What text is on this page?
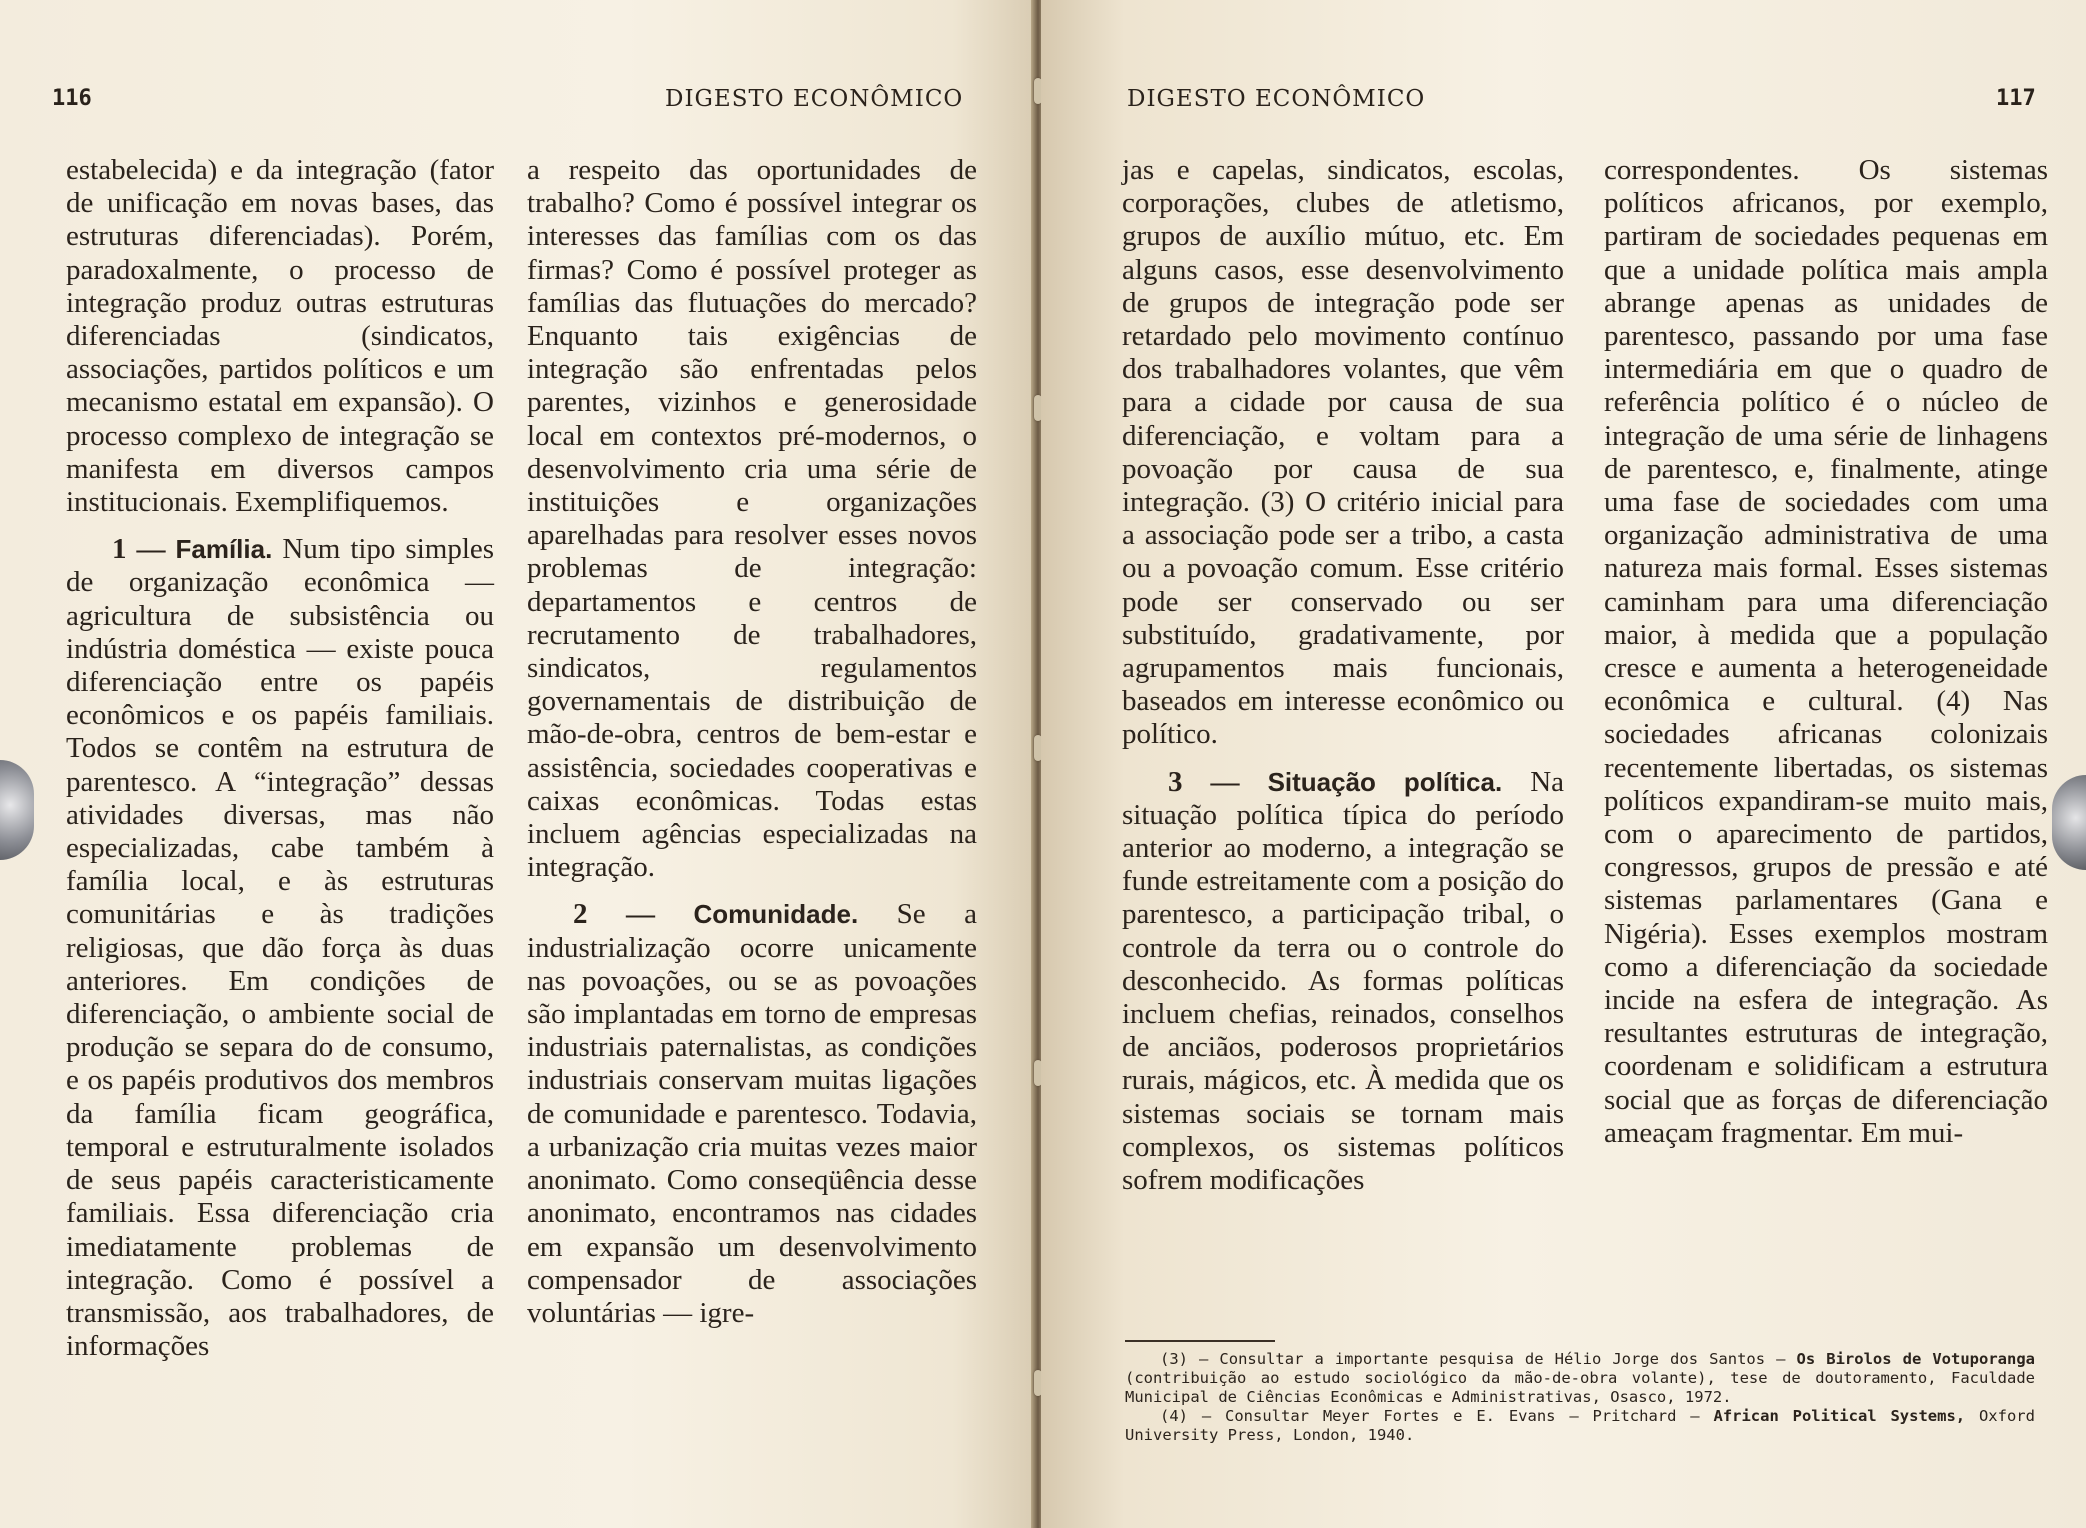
116	DIGESTO ECONÔMICO

estabelecida) e da integração (fator de unificação em novas bases, das estruturas diferenciadas). Porém, paradoxalmente, o processo de integração produz outras estruturas diferenciadas (sindicatos, associações, partidos políticos e um mecanismo estatal em expansão). O processo complexo de integração se manifesta em diversos campos institucionais. Exemplifiquemos.

1 — Família. Num tipo simples de organização econômica — agricultura de subsistência ou indústria doméstica — existe pouca diferenciação entre os papéis econômicos e os papéis familiais. Todos se contêm na estrutura de parentesco. A “integração” dessas atividades diversas, mas não especializadas, cabe também à família local, e às estruturas comunitárias e às tradições religiosas, que dão força às duas anteriores. Em condições de diferenciação, o ambiente social de produção se separa do de consumo, e os papéis produtivos dos membros da família ficam geográfica, temporal e estruturalmente isolados de seus papéis caracteristicamente familiais. Essa diferenciação cria imediatamente problemas de integração. Como é possível a transmissão, aos trabalhadores, de informações

a respeito das oportunidades de trabalho? Como é possível integrar os interesses das famílias com os das firmas? Como é possível proteger as famílias das flutuações do mercado? Enquanto tais exigências de integração são enfrentadas pelos parentes, vizinhos e generosidade local em contextos pré-modernos, o desenvolvimento cria uma série de instituições e organizações aparelhadas para resolver esses novos problemas de integração: departamentos e centros de recrutamento de trabalhadores, sindicatos, regulamentos governamentais de distribuição de mão-de-obra, centros de bem-estar e assistência, sociedades cooperativas e caixas econômicas. Todas estas incluem agências especializadas na integração.

2 — Comunidade. Se a industrialização ocorre unicamente nas povoações, ou se as povoações são implantadas em torno de empresas industriais paternalistas, as condições industriais conservam muitas ligações de comunidade e parentesco. Todavia, a urbanização cria muitas vezes maior anonimato. Como conseqüência desse anonimato, encontramos nas cidades em expansão um desenvolvimento compensador de associações voluntárias — igre-

DIGESTO ECONÔMICO	117

jas e capelas, sindicatos, escolas, corporações, clubes de atletismo, grupos de auxílio mútuo, etc. Em alguns casos, esse desenvolvimento de grupos de integração pode ser retardado pelo movimento contínuo dos trabalhadores volantes, que vêm para a cidade por causa de sua diferenciação, e voltam para a povoação por causa de sua integração. (3) O critério inicial para a associação pode ser a tribo, a casta ou a povoação comum. Esse critério pode ser conservado ou ser substituído, gradativamente, por agrupamentos mais funcionais, baseados em interesse econômico ou político.

3 — Situação política. Na situação política típica do período anterior ao moderno, a integração se funde estreitamente com a posição do parentesco, a participação tribal, o controle da terra ou o controle do desconhecido. As formas políticas incluem chefias, reinados, conselhos de anciãos, poderosos proprietários rurais, mágicos, etc. À medida que os sistemas sociais se tornam mais complexos, os sistemas políticos sofrem modificações

correspondentes. Os sistemas políticos africanos, por exemplo, partiram de sociedades pequenas em que a unidade política mais ampla abrange apenas as unidades de parentesco, passando por uma fase intermediária em que o quadro de referência político é o núcleo de integração de uma série de linhagens de parentesco, e, finalmente, atinge uma fase de sociedades com uma organização administrativa de uma natureza mais formal. Esses sistemas caminham para uma diferenciação maior, à medida que a população cresce e aumenta a heterogeneidade econômica e cultural. (4) Nas sociedades africanas colonizais recentemente libertadas, os sistemas políticos expandiram-se muito mais, com o aparecimento de partidos, congressos, grupos de pressão e até sistemas parlamentares (Gana e Nigéria). Esses exemplos mostram como a diferenciação da sociedade incide na esfera de integração. As resultantes estruturas de integração, coordenam e solidificam a estrutura social que as forças de diferenciação ameaçam fragmentar. Em mui-

(3) — Consultar a importante pesquisa de Hélio Jorge dos Santos — Os Birolos de Votuporanga (contribuição ao estudo sociológico da mão-de-obra volante), tese de doutoramento, Faculdade Municipal de Ciências Econômicas e Administrativas, Osasco, 1972.

(4) — Consultar Meyer Fortes e E. Evans — Pritchard — African Political Systems, Oxford University Press, London, 1940.
